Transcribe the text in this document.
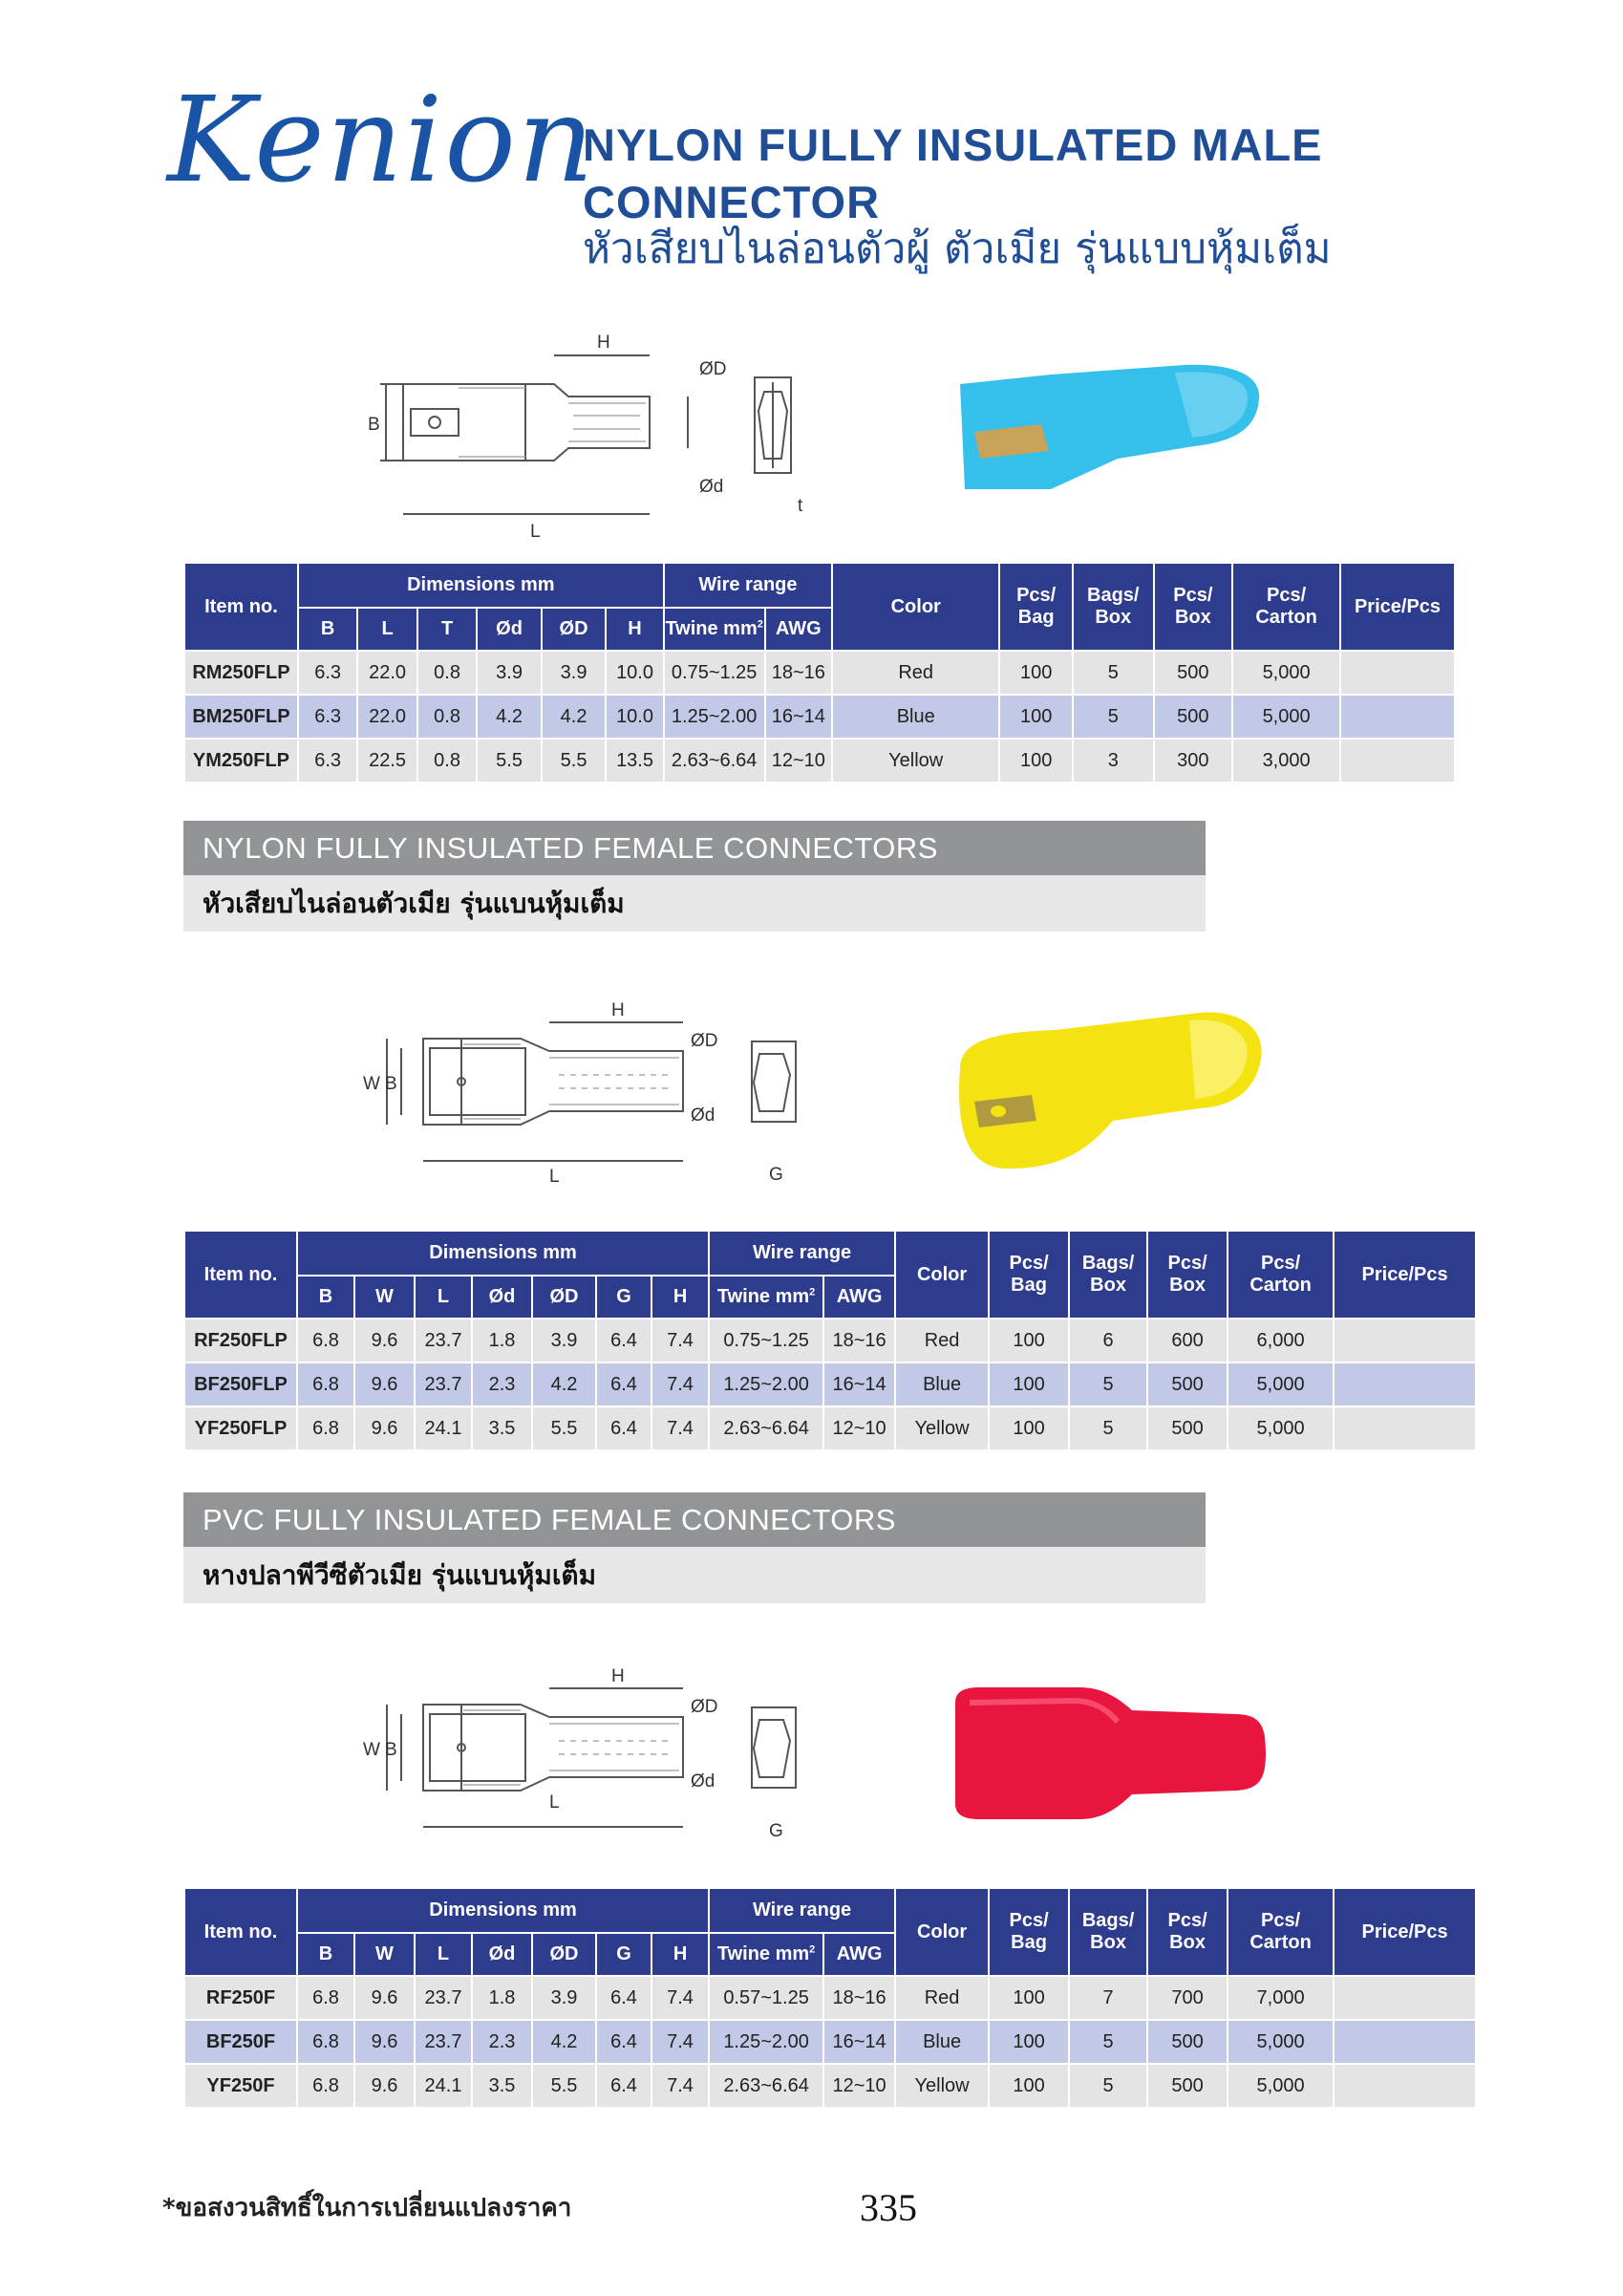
Kenion
NYLON FULLY INSULATED MALE
CONNECTOR
หัวเสียบไนล่อนตัวผู้ ตัวเมีย รุ่นแบบหุ้มเต็ม
B
L
H
ØD
Ød
t
Item no.	Dimensions mm						Wire range		Color	Pcs/ Bag	Bags/ Box	Pcs/ Box	Pcs/ Carton	Price/Pcs
	B	L	T	Ød	ØD	H	Twine $mm^2$	AWG						
RM250FLP	6.3	22.0	0.8	3.9	3.9	10.0	0.75~1.25	18~16	Red	100	5	500	5,000	
BM250FLP	6.3	22.0	0.8	4.2	4.2	10.0	1.25~2.00	16~14	Blue	100	5	500	5,000	
YM250FLP	6.3	22.5	0.8	5.5	5.5	13.5	2.63~6.64	12~10	Yellow	100	3	300	3,000	
NYLON FULLY INSULATED FEMALE CONNECTORS
หัวเสียบไนล่อนตัวเมีย รุ่นแบนหุ้มเต็ม
W B
L
H
ØD
Ød
G
Item no.	Dimensions mm							Wire range		Color	Pcs/ Bag	Bags/ Box	Pcs/ Box	Pcs/ Carton	Price/Pcs
	B	W	L	Ød	ØD	G	H	Twine $mm^2$	AWG						
RF250FLP	6.8	9.6	23.7	1.8	3.9	6.4	7.4	0.75~1.25	18~16	Red	100	6	600	6,000	
BF250FLP	6.8	9.6	23.7	2.3	4.2	6.4	7.4	1.25~2.00	16~14	Blue	100	5	500	5,000	
YF250FLP	6.8	9.6	24.1	3.5	5.5	6.4	7.4	2.63~6.64	12~10	Yellow	100	5	500	5,000	
PVC FULLY INSULATED FEMALE CONNECTORS
หางปลาพีวีซีตัวเมีย รุ่นแบนหุ้มเต็ม
W B
L
H
ØD
Ød
G
Item no.	Dimensions mm							Wire range		Color	Pcs/ Bag	Bags/ Box	Pcs/ Box	Pcs/ Carton	Price/Pcs
	B	W	L	Ød	ØD	G	H	Twine $mm^2$	AWG						
RF250F	6.8	9.6	23.7	1.8	3.9	6.4	7.4	0.57~1.25	18~16	Red	100	7	700	7,000	
BF250F	6.8	9.6	23.7	2.3	4.2	6.4	7.4	1.25~2.00	16~14	Blue	100	5	500	5,000	
YF250F	6.8	9.6	24.1	3.5	5.5	6.4	7.4	2.63~6.64	12~10	Yellow	100	5	500	5,000	
*ขอสงวนสิทธิ์ในการเปลี่ยนแปลงราคา	335
